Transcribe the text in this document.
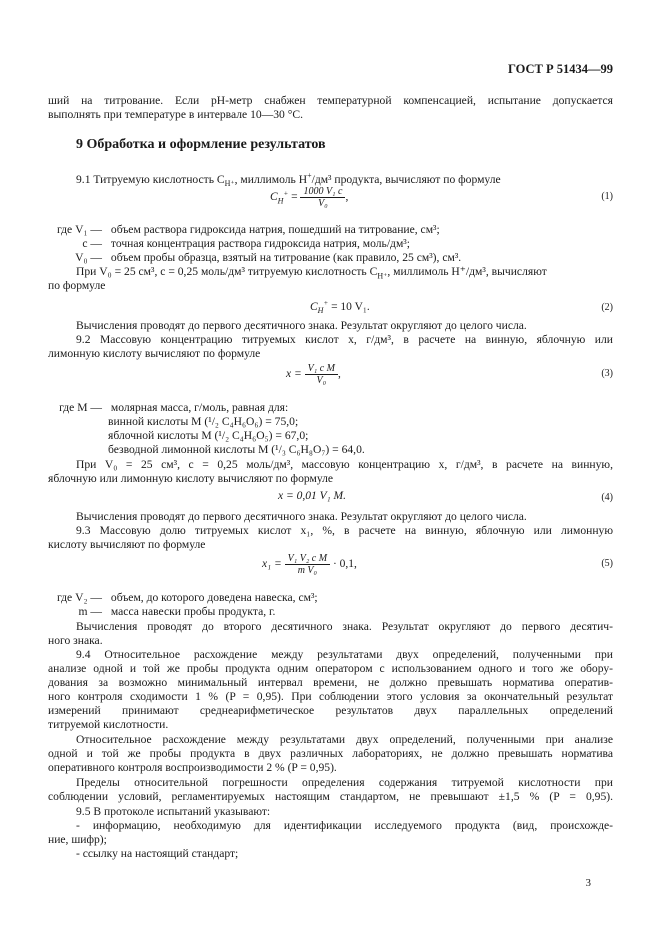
ГОСТ Р 51434—99
ший на титрование. Если рН-метр снабжен температурной компенсацией, испытание допускается
выполнять при температуре в интервале 10—30 °С.
9 Обработка и оформление результатов
9.1 Титруемую кислотность $C_{H^+}$, миллимоль Н+/дм³ продукта, вычисляют по формуле
$C_H^+ = \frac{\text{1000 V₁ c}}{\text{V₀}}$ ,	(1)
где V₁ — объем раствора гидроксида натрия, пошедший на титрование, см³;
c — точная концентрация раствора гидроксида натрия, моль/дм³;
V₀ — объем пробы образца, взятый на титрование (как правило, 25 см³), см³.
При V₀ = 25 см³, c = 0,25 моль/дм³ титруемую кислотность $C_{H^+}$, миллимоль Н⁺/дм³, вычисляют
по формуле
$C_H^+ = 10$ V₁.	(2)
Вычисления проводят до первого десятичного знака. Результат округляют до целого числа.
9.2 Массовую концентрацию титруемых кислот x, г/дм³, в расчете на винную, яблочную или
лимонную кислоту вычисляют по формуле
$x = \frac{\text{V₁ c M}}{\text{V₀}}$ ,	(3)
где M — молярная масса, г/моль, равная для:
винной кислоты M (¹/₂ C₄H₆O₆) = 75,0;
яблочной кислоты M (¹/₂ C₄H₆O₅) = 67,0;
безводной лимонной кислоты M (¹/₃ C₆H₈O₇) = 64,0.
При V₀ = 25 см³, c = 0,25 моль/дм³, массовую концентрацию x, г/дм³, в расчете на винную,
яблочную или лимонную кислоту вычисляют по формуле
x = 0,01 V₁ M.	(4)
Вычисления проводят до первого десятичного знака. Результат округляют до целого числа.
9.3 Массовую долю титруемых кислот x₁, %, в расчете на винную, яблочную или лимонную
кислоту вычисляют по формуле
$x_1 = \frac{\text{V₁ V₂ c M}}{\text{m V₀}} \cdot 0,1$,	(5)
где V₂ — объем, до которого доведена навеска, см³;
m — масса навески пробы продукта, г.
Вычисления проводят до второго десятичного знака. Результат округляют до первого десятич-
ного знака.
9.4 Относительное расхождение между результатами двух определений, полученными при
анализе одной и той же пробы продукта одним оператором с использованием одного и того же обору-
дования за возможно минимальный интервал времени, не должно превышать норматива оператив-
ного контроля сходимости 1 % (P = 0,95). При соблюдении этого условия за окончательный результат
измерений принимают среднеарифметическое результатов двух параллельных определений
титруемой кислотности.
Относительное расхождение между результатами двух определений, полученными при анализе
одной и той же пробы продукта в двух различных лабораториях, не должно превышать норматива
оперативного контроля воспроизводимости 2 % (P = 0,95).
Пределы относительной погрешности определения содержания титруемой кислотности при
соблюдении условий, регламентируемых настоящим стандартом, не превышают ±1,5 % (P = 0,95).
9.5 В протоколе испытаний указывают:
- информацию, необходимую для идентификации исследуемого продукта (вид, происхожде-
ние, шифр);
- ссылку на настоящий стандарт;
3
